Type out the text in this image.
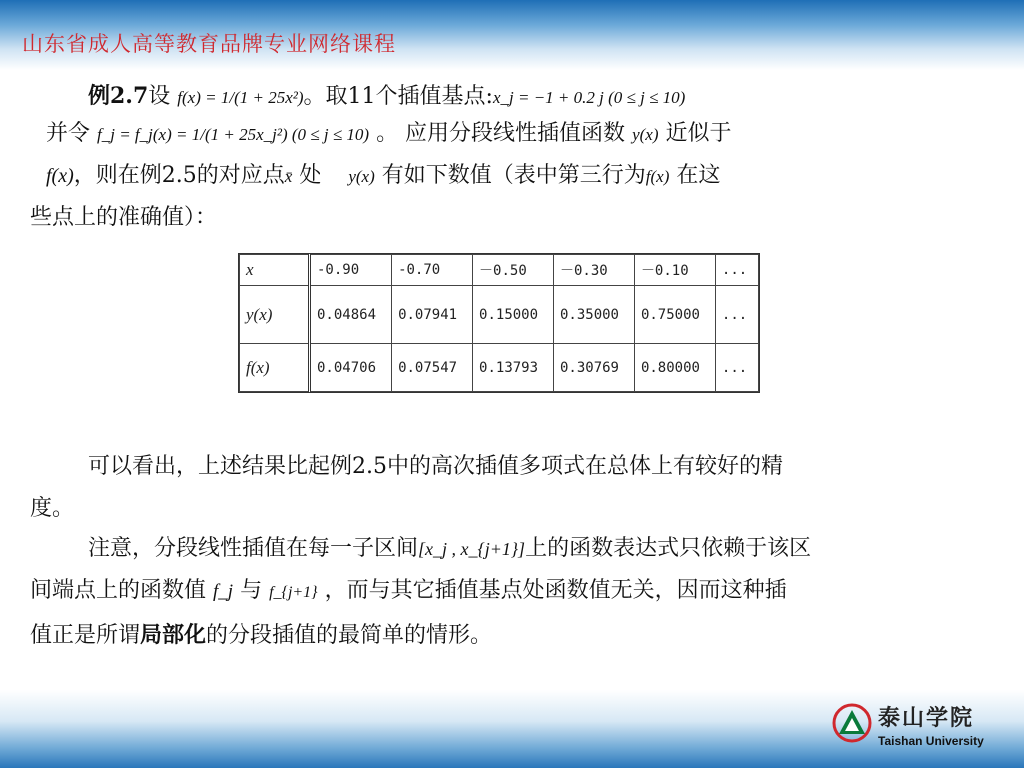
山东省成人高等教育品牌专业网络课程
例2.7设 f(x) = 1/(1 + 25x²)。取11个插值基点:x_j = −1 + 0.2 j (0 ≤ j ≤ 10)
并令 f_j = f_j(x) = 1/(1 + 25x_j²) (0 ≤ j ≤ 10) 。 应用分段线性插值函数 y(x) 近似于
f(x)，则在例2.5的对应点x̄ 处 y(x) 有如下数值（表中第三行为f(x) 在这
些点上的准确值）：
x	-0.90	-0.70	－0.50	－0.30	－0.10	...
y(x)	0.04864	0.07941	0.15000	0.35000	0.75000	...
f(x)	0.04706	0.07547	0.13793	0.30769	0.80000	...
可以看出，上述结果比起例2.5中的高次插值多项式在总体上有较好的精
度。
注意，分段线性插值在每一子区间[x_j , x_{j+1}]上的函数表达式只依赖于该区
间端点上的函数值 f_j 与 f_{j+1} ，而与其它插值基点处函数值无关，因而这种插
值正是所谓局部化的分段插值的最简单的情形。
泰山学院
Taishan University
